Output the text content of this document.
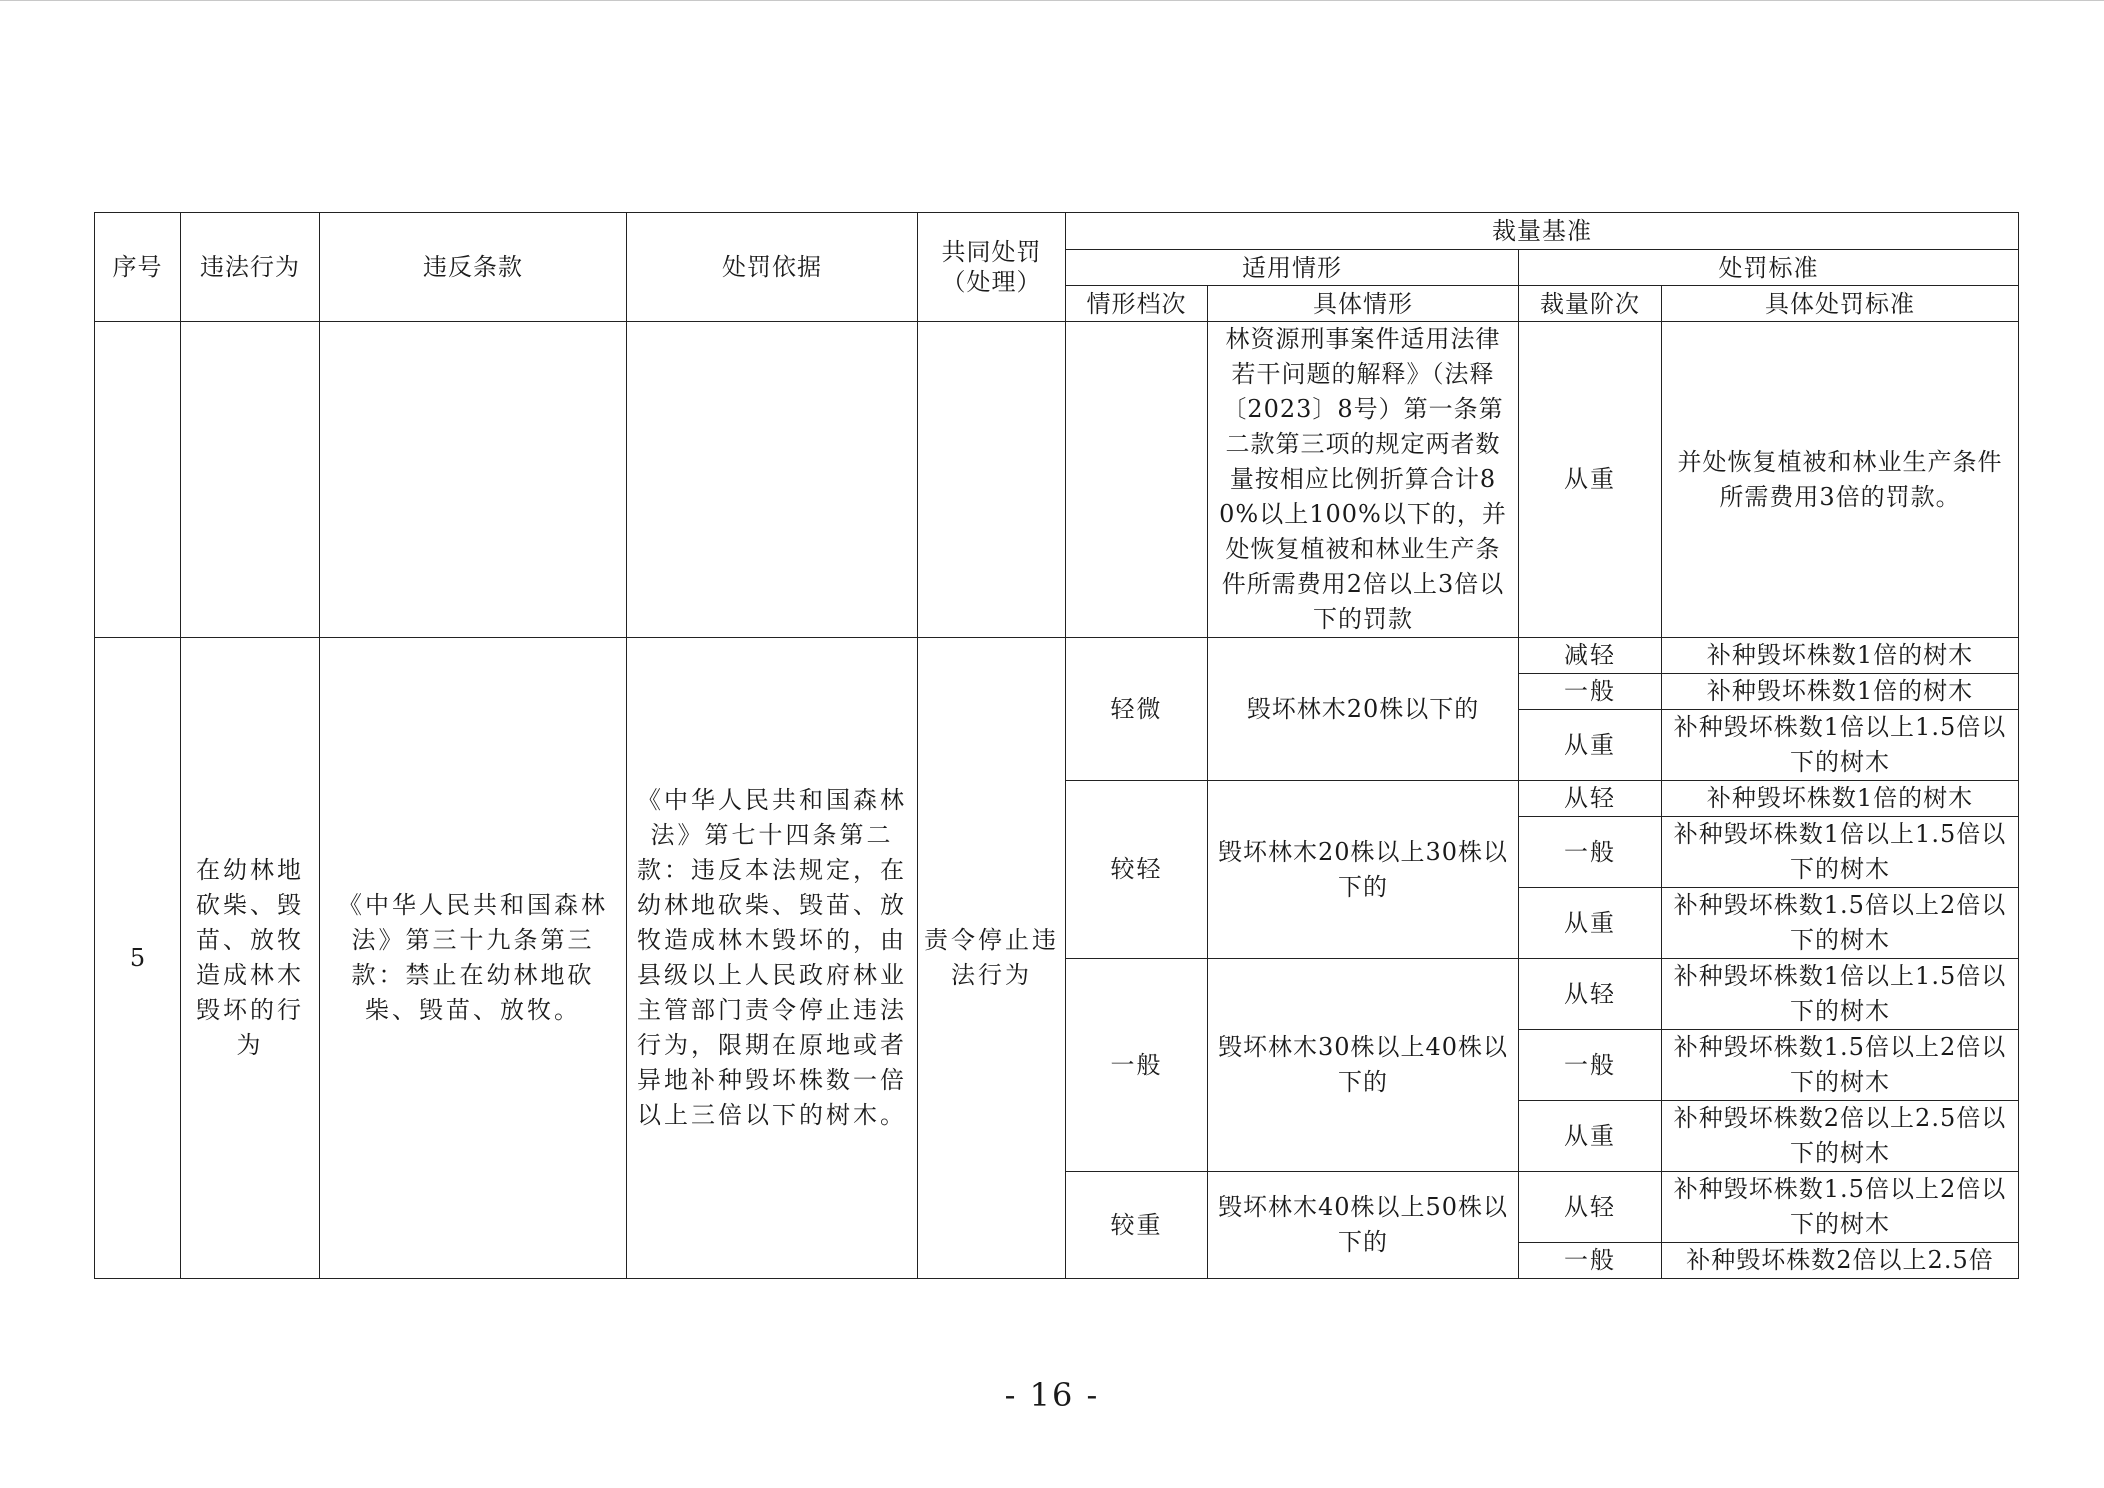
序号	违法行为	违反条款	处罚依据	共同处罚（处理）	裁量基准			
					适用情形		处罚标准	
					情形档次	具体情形	裁量阶次	具体处罚标准
						林资源刑事案件适用法律若干问题的解释》（法释〔2023〕8号）第一条第二款第三项的规定两者数量按相应比例折算合计80%以上100%以下的，并处恢复植被和林业生产条件所需费用2倍以上3倍以下的罚款	从重	并处恢复植被和林业生产条件所需费用3倍的罚款。
5	在幼林地砍柴、毁苗、放牧造成林木毁坏的行为	《中华人民共和国森林法》第三十九条第三款：禁止在幼林地砍柴、毁苗、放牧。	《中华人民共和国森林法》第七十四条第二款：违反本法规定，在幼林地砍柴、毁苗、放牧造成林木毁坏的，由县级以上人民政府林业主管部门责令停止违法行为，限期在原地或者异地补种毁坏株数一倍以上三倍以下的树木。	责令停止违法行为	轻微	毁坏林木20株以下的	减轻	补种毁坏株数1倍的树木
							一般	补种毁坏株数1倍的树木
							从重	补种毁坏株数1倍以上1.5倍以下的树木
					较轻	毁坏林木20株以上30株以下的	从轻	补种毁坏株数1倍的树木
							一般	补种毁坏株数1倍以上1.5倍以下的树木
							从重	补种毁坏株数1.5倍以上2倍以下的树木
					一般	毁坏林木30株以上40株以下的	从轻	补种毁坏株数1倍以上1.5倍以下的树木
							一般	补种毁坏株数1.5倍以上2倍以下的树木
							从重	补种毁坏株数2倍以上2.5倍以下的树木
					较重	毁坏林木40株以上50株以下的	从轻	补种毁坏株数1.5倍以上2倍以下的树木
							一般	补种毁坏株数2倍以上2.5倍
- 16 -
